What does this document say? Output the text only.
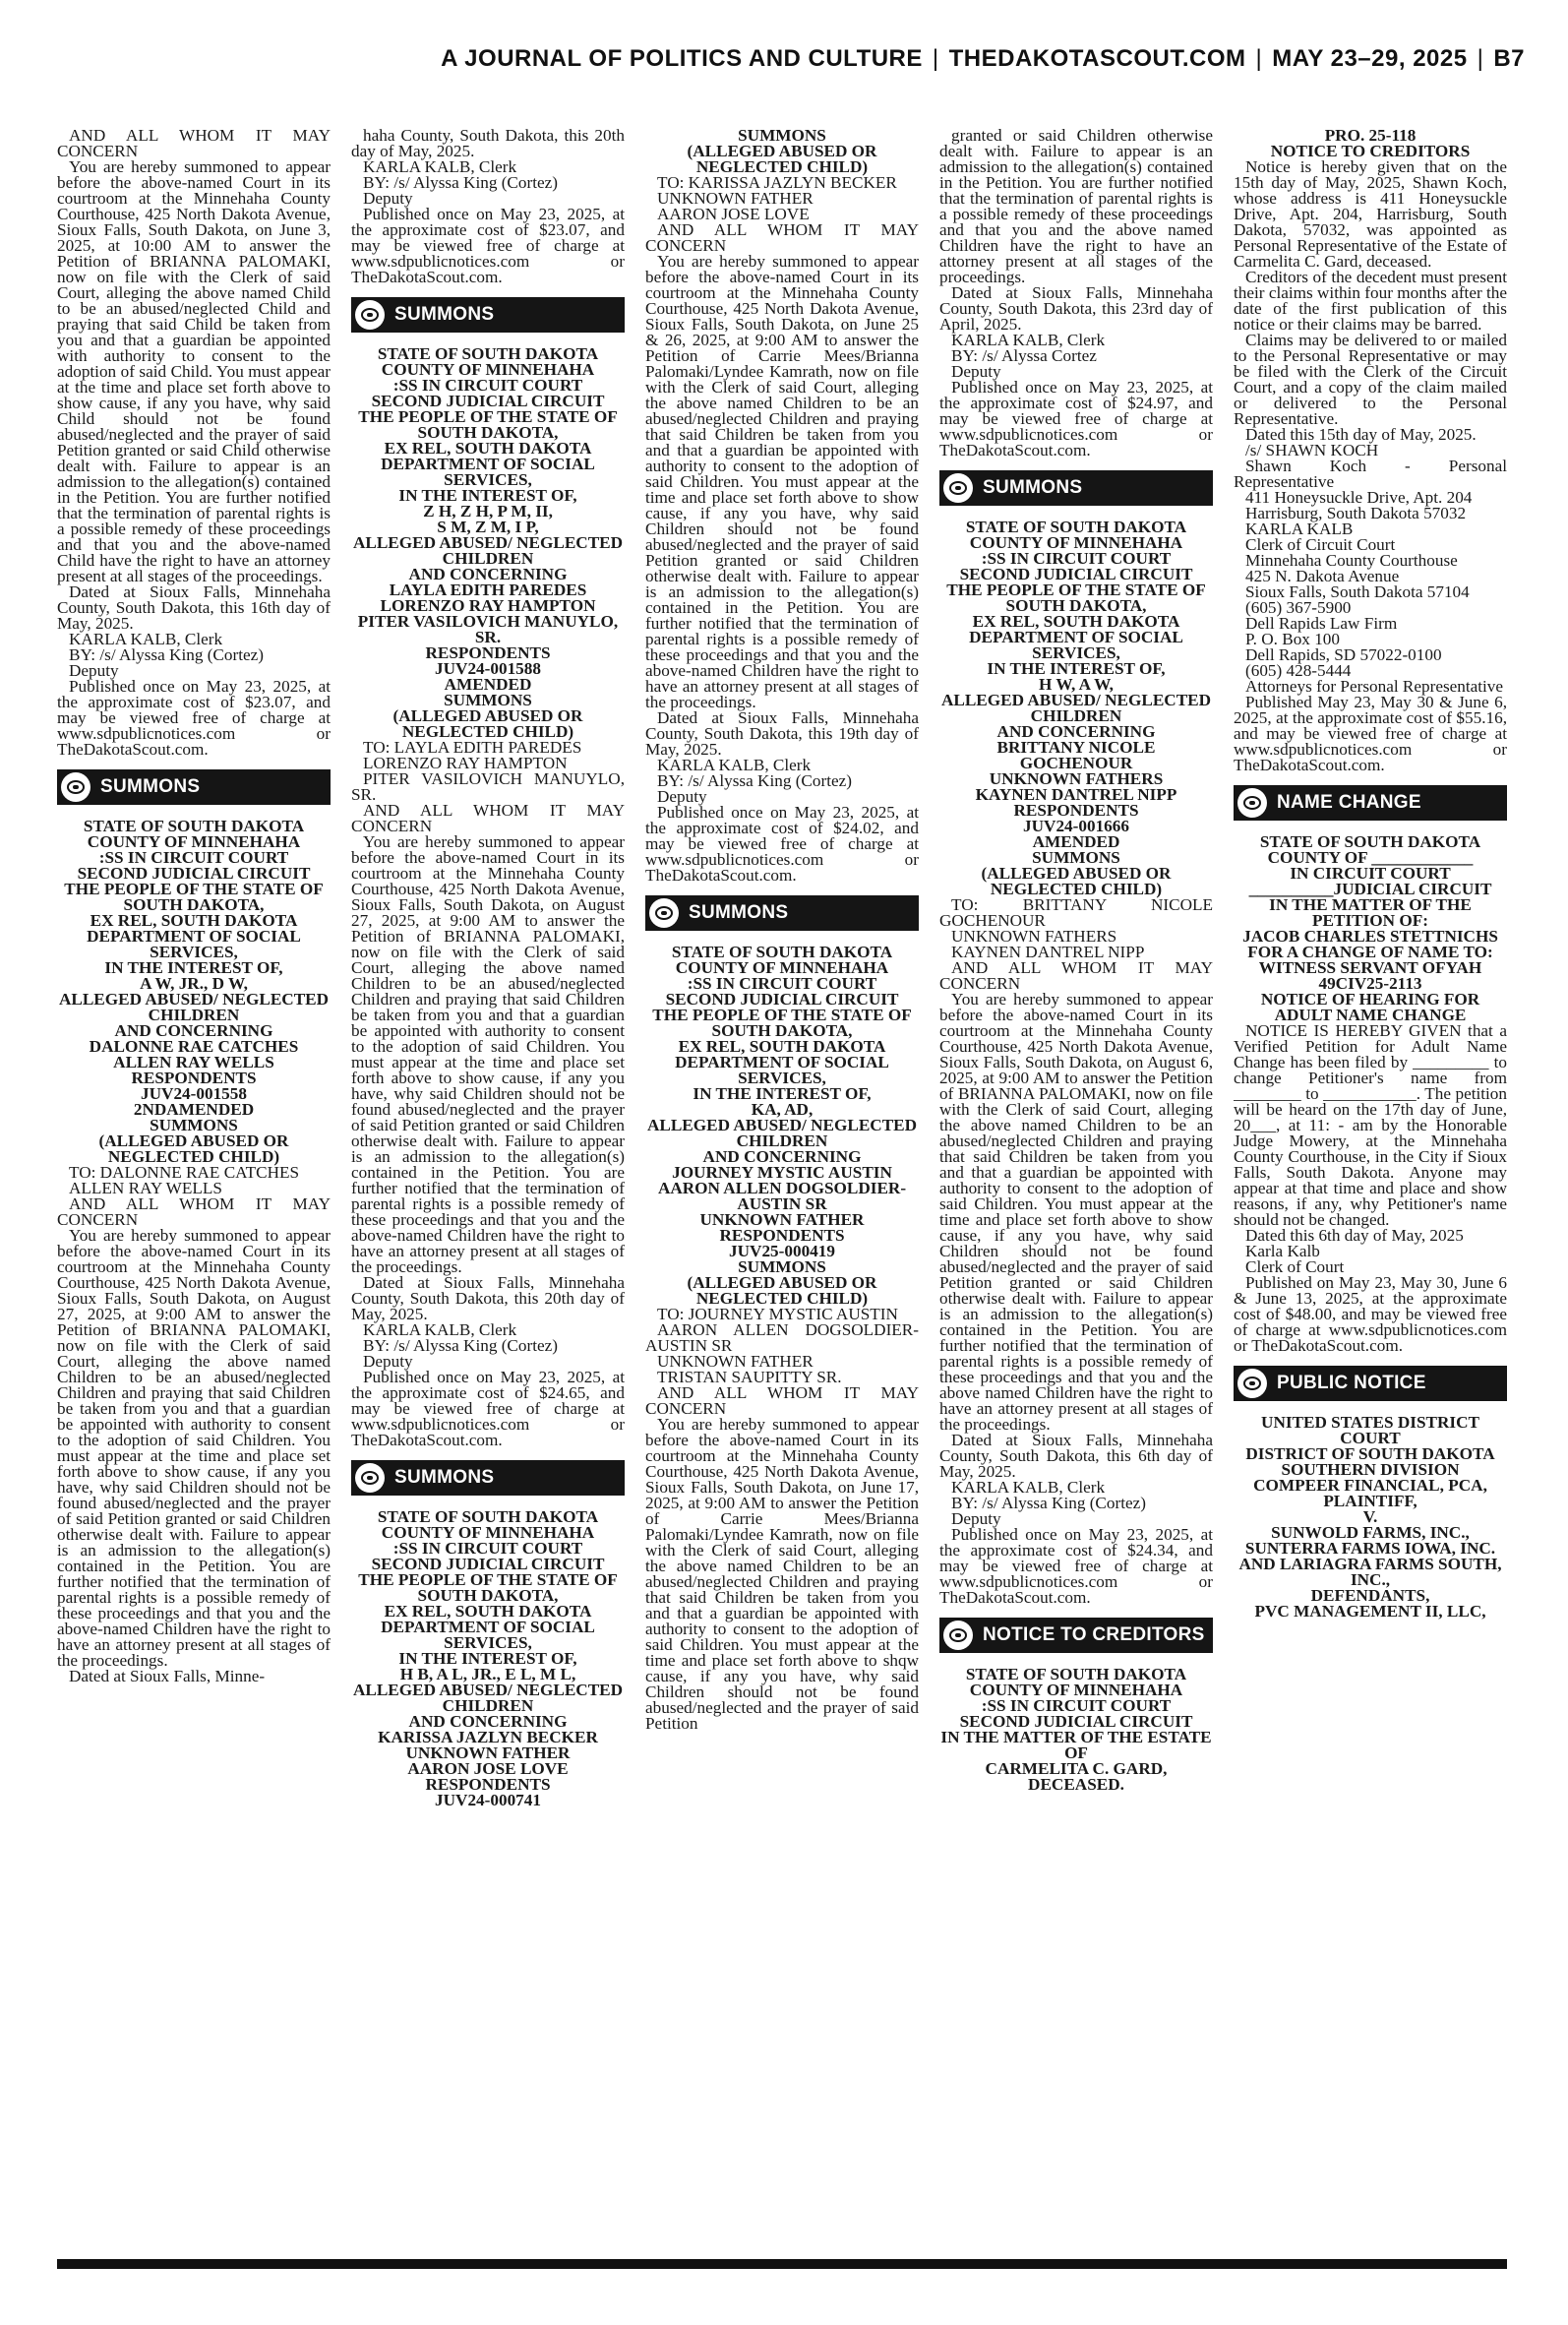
A JOURNAL OF POLITICS AND CULTURE | THEDAKOTASCOUT.COM | MAY 23–29, 2025 | B7

AND ALL WHOM IT MAY CONCERN

You are hereby summoned to appear before the above-named Court in its courtroom at the Minnehaha County Courthouse, 425 North Dakota Avenue, Sioux Falls, South Dakota, on June 3, 2025, at 10:00 AM to answer the Petition of BRIANNA PALOMAKI, now on file with the Clerk of said Court, alleging the above named Child to be an abused/neglected Child and praying that said Child be taken from you and that a guardian be appointed with authority to consent to the adoption of said Child. You must appear at the time and place set forth above to show cause, if any you have, why said Child should not be found abused/neglected and the prayer of said Petition granted or said Child otherwise dealt with. Failure to appear is an admission to the allegation(s) contained in the Petition. You are further notified that the termination of parental rights is a possible remedy of these proceedings and that you and the above-named Child have the right to have an attorney present at all stages of the proceedings.

Dated at Sioux Falls, Minnehaha County, South Dakota, this 16th day of May, 2025.

KARLA KALB, Clerk

BY: /s/ Alyssa King (Cortez)

Deputy

Published once on May 23, 2025, at the approximate cost of $23.07, and may be viewed free of charge at www.sdpublicnotices.com or TheDakotaScout.com.

SUMMONS

STATE OF SOUTH DAKOTA

COUNTY OF MINNEHAHA

:SS IN CIRCUIT COURT

SECOND JUDICIAL CIRCUIT

THE PEOPLE OF THE STATE OF SOUTH DAKOTA,

EX REL, SOUTH DAKOTA DEPARTMENT OF SOCIAL SERVICES,

IN THE INTEREST OF,

A W, JR., D W,

ALLEGED ABUSED/ NEGLECTED CHILDREN

AND CONCERNING

DALONNE RAE CATCHES

ALLEN RAY WELLS

RESPONDENTS

JUV24-001558

2NDAMENDED

SUMMONS

(ALLEGED ABUSED OR NEGLECTED CHILD)

TO: DALONNE RAE CATCHES

ALLEN RAY WELLS

AND ALL WHOM IT MAY CONCERN

You are hereby summoned to appear before the above-named Court in its courtroom at the Minnehaha County Courthouse, 425 North Dakota Avenue, Sioux Falls, South Dakota, on August 27, 2025, at 9:00 AM to answer the Petition of BRIANNA PALOMAKI, now on file with the Clerk of said Court, alleging the above named Children to be an abused/neglected Children and praying that said Children be taken from you and that a guardian be appointed with authority to consent to the adoption of said Children. You must appear at the time and place set forth above to show cause, if any you have, why said Children should not be found abused/neglected and the prayer of said Petition granted or said Children otherwise dealt with. Failure to appear is an admission to the allegation(s) contained in the Petition. You are further notified that the termination of parental rights is a possible remedy of these proceedings and that you and the above-named Children have the right to have an attorney present at all stages of the proceedings.

Dated at Sioux Falls, Minne-

haha County, South Dakota, this 20th day of May, 2025.

KARLA KALB, Clerk

BY: /s/ Alyssa King (Cortez)

Deputy

Published once on May 23, 2025, at the approximate cost of $23.07, and may be viewed free of charge at www.sdpublicnotices.com or TheDakotaScout.com.

SUMMONS

STATE OF SOUTH DAKOTA

COUNTY OF MINNEHAHA

:SS IN CIRCUIT COURT

SECOND JUDICIAL CIRCUIT

THE PEOPLE OF THE STATE OF SOUTH DAKOTA,

EX REL, SOUTH DAKOTA DEPARTMENT OF SOCIAL SERVICES,

IN THE INTEREST OF,

Z H, Z H, P M, II,

S M, Z M, I P,

ALLEGED ABUSED/ NEGLECTED CHILDREN

AND CONCERNING

LAYLA EDITH PAREDES

LORENZO RAY HAMPTON

PITER VASILOVICH MANUYLO, SR.

RESPONDENTS

JUV24-001588

AMENDED

SUMMONS

(ALLEGED ABUSED OR NEGLECTED CHILD)

TO: LAYLA EDITH PAREDES

LORENZO RAY HAMPTON

PITER VASILOVICH MANUYLO, SR.

AND ALL WHOM IT MAY CONCERN

You are hereby summoned to appear before the above-named Court in its courtroom at the Minnehaha County Courthouse, 425 North Dakota Avenue, Sioux Falls, South Dakota, on August 27, 2025, at 9:00 AM to answer the Petition of BRIANNA PALOMAKI, now on file with the Clerk of said Court, alleging the above named Children to be an abused/neglected Children and praying that said Children be taken from you and that a guardian be appointed with authority to consent to the adoption of said Children. You must appear at the time and place set forth above to show cause, if any you have, why said Children should not be found abused/neglected and the prayer of said Petition granted or said Children otherwise dealt with. Failure to appear is an admission to the allegation(s) contained in the Petition. You are further notified that the termination of parental rights is a possible remedy of these proceedings and that you and the above-named Children have the right to have an attorney present at all stages of the proceedings.

Dated at Sioux Falls, Minnehaha County, South Dakota, this 20th day of May, 2025.

KARLA KALB, Clerk

BY: /s/ Alyssa King (Cortez)

Deputy

Published once on May 23, 2025, at the approximate cost of $24.65, and may be viewed free of charge at www.sdpublicnotices.com or TheDakotaScout.com.

SUMMONS

STATE OF SOUTH DAKOTA

COUNTY OF MINNEHAHA

:SS IN CIRCUIT COURT

SECOND JUDICIAL CIRCUIT

THE PEOPLE OF THE STATE OF SOUTH DAKOTA,

EX REL, SOUTH DAKOTA DEPARTMENT OF SOCIAL SERVICES,

IN THE INTEREST OF,

H B, A L, JR., E L, M L,

ALLEGED ABUSED/ NEGLECTED CHILDREN

AND CONCERNING

KARISSA JAZLYN BECKER

UNKNOWN FATHER

AARON JOSE LOVE

RESPONDENTS

JUV24-000741

SUMMONS

(ALLEGED ABUSED OR NEGLECTED CHILD)

TO: KARISSA JAZLYN BECKER

UNKNOWN FATHER

AARON JOSE LOVE

AND ALL WHOM IT MAY CONCERN

You are hereby summoned to appear before the above-named Court in its courtroom at the Minnehaha County Courthouse, 425 North Dakota Avenue, Sioux Falls, South Dakota, on June 25 & 26, 2025, at 9:00 AM to answer the Petition of Carrie Mees/Brianna Palomaki/Lyndee Kamrath, now on file with the Clerk of said Court, alleging the above named Children to be an abused/neglected Children and praying that said Children be taken from you and that a guardian be appointed with authority to consent to the adoption of said Children. You must appear at the time and place set forth above to show cause, if any you have, why said Children should not be found abused/neglected and the prayer of said Petition granted or said Children otherwise dealt with. Failure to appear is an admission to the allegation(s) contained in the Petition. You are further notified that the termination of parental rights is a possible remedy of these proceedings and that you and the above-named Children have the right to have an attorney present at all stages of the proceedings.

Dated at Sioux Falls, Minnehaha County, South Dakota, this 19th day of May, 2025.

KARLA KALB, Clerk

BY: /s/ Alyssa King (Cortez)

Deputy

Published once on May 23, 2025, at the approximate cost of $24.02, and may be viewed free of charge at www.sdpublicnotices.com or TheDakotaScout.com.

SUMMONS

STATE OF SOUTH DAKOTA

COUNTY OF MINNEHAHA

:SS IN CIRCUIT COURT

SECOND JUDICIAL CIRCUIT

THE PEOPLE OF THE STATE OF SOUTH DAKOTA,

EX REL, SOUTH DAKOTA DEPARTMENT OF SOCIAL SERVICES,

IN THE INTEREST OF,

KA, AD,

ALLEGED ABUSED/ NEGLECTED CHILDREN

AND CONCERNING

JOURNEY MYSTIC AUSTIN

AARON ALLEN DOGSOLDIER-AUSTIN SR

UNKNOWN FATHER

RESPONDENTS

JUV25-000419

SUMMONS

(ALLEGED ABUSED OR NEGLECTED CHILD)

TO: JOURNEY MYSTIC AUSTIN

AARON ALLEN DOGSOLDIER-AUSTIN SR

UNKNOWN FATHER

TRISTAN SAUPITTY SR.

AND ALL WHOM IT MAY CONCERN

You are hereby summoned to appear before the above-named Court in its courtroom at the Minnehaha County Courthouse, 425 North Dakota Avenue, Sioux Falls, South Dakota, on June 17, 2025, at 9:00 AM to answer the Petition of Carrie Mees/Brianna Palomaki/Lyndee Kamrath, now on file with the Clerk of said Court, alleging the above named Children to be an abused/neglected Children and praying that said Children be taken from you and that a guardian be appointed with authority to consent to the adoption of said Children. You must appear at the time and place set forth above to shqw cause, if any you have, why said Children should not be found abused/neglected and the prayer of said Petition

granted or said Children otherwise dealt with. Failure to appear is an admission to the allegation(s) contained in the Petition. You are further notified that the termination of parental rights is a possible remedy of these proceedings and that you and the above named Children have the right to have an attorney present at all stages of the proceedings.

Dated at Sioux Falls, Minnehaha County, South Dakota, this 23rd day of April, 2025.

KARLA KALB, Clerk

BY: /s/ Alyssa Cortez

Deputy

Published once on May 23, 2025, at the approximate cost of $24.97, and may be viewed free of charge at www.sdpublicnotices.com or TheDakotaScout.com.

SUMMONS

STATE OF SOUTH DAKOTA

COUNTY OF MINNEHAHA

:SS IN CIRCUIT COURT

SECOND JUDICIAL CIRCUIT

THE PEOPLE OF THE STATE OF SOUTH DAKOTA,

EX REL, SOUTH DAKOTA DEPARTMENT OF SOCIAL SERVICES,

IN THE INTEREST OF,

H W, A W,

ALLEGED ABUSED/ NEGLECTED CHILDREN

AND CONCERNING

BRITTANY NICOLE GOCHENOUR

UNKNOWN FATHERS

KAYNEN DANTREL NIPP

RESPONDENTS

JUV24-001666

AMENDED

SUMMONS

(ALLEGED ABUSED OR NEGLECTED CHILD)

TO: BRITTANY NICOLE GOCHENOUR

UNKNOWN FATHERS

KAYNEN DANTREL NIPP

AND ALL WHOM IT MAY CONCERN

You are hereby summoned to appear before the above-named Court in its courtroom at the Minnehaha County Courthouse, 425 North Dakota Avenue, Sioux Falls, South Dakota, on August 6, 2025, at 9:00 AM to answer the Petition of BRIANNA PALOMAKI, now on file with the Clerk of said Court, alleging the above named Children to be an abused/neglected Children and praying that said Children be taken from you and that a guardian be appointed with authority to consent to the adoption of said Children. You must appear at the time and place set forth above to show cause, if any you have, why said Children should not be found abused/neglected and the prayer of said Petition granted or said Children otherwise dealt with. Failure to appear is an admission to the allegation(s) contained in the Petition. You are further notified that the termination of parental rights is a possible remedy of these proceedings and that you and the above named Children have the right to have an attorney present at all stages of the proceedings.

Dated at Sioux Falls, Minnehaha County, South Dakota, this 6th day of May, 2025.

KARLA KALB, Clerk

BY: /s/ Alyssa King (Cortez)

Deputy

Published once on May 23, 2025, at the approximate cost of $24.34, and may be viewed free of charge at www.sdpublicnotices.com or TheDakotaScout.com.

NOTICE TO CREDITORS

STATE OF SOUTH DAKOTA

COUNTY OF MINNEHAHA

:SS IN CIRCUIT COURT

SECOND JUDICIAL CIRCUIT

IN THE MATTER OF THE ESTATE OF

CARMELITA C. GARD,

DECEASED.

PRO. 25-118

NOTICE TO CREDITORS

Notice is hereby given that on the 15th day of May, 2025, Shawn Koch, whose address is 411 Honeysuckle Drive, Apt. 204, Harrisburg, South Dakota, 57032, was appointed as Personal Representative of the Estate of Carmelita C. Gard, deceased.

Creditors of the decedent must present their claims within four months after the date of the first publication of this notice or their claims may be barred.

Claims may be delivered to or mailed to the Personal Representative or may be filed with the Clerk of the Circuit Court, and a copy of the claim mailed or delivered to the Personal Representative.

Dated this 15th day of May, 2025.

/s/ SHAWN KOCH

Shawn Koch - Personal Representative

411 Honeysuckle Drive, Apt. 204

Harrisburg, South Dakota 57032

KARLA KALB

Clerk of Circuit Court

Minnehaha County Courthouse

425 N. Dakota Avenue

Sioux Falls, South Dakota 57104

(605) 367-5900

Dell Rapids Law Firm

P. O. Box 100

Dell Rapids, SD 57022-0100

(605) 428-5444

Attorneys for Personal Representative

Published May 23, May 30 & June 6, 2025, at the approximate cost of $55.16, and may be viewed free of charge at www.sdpublicnotices.com or TheDakotaScout.com.

NAME CHANGE

STATE OF SOUTH DAKOTA

COUNTY OF ____________

IN CIRCUIT COURT

__________JUDICIAL CIRCUIT

IN THE MATTER OF THE PETITION OF:

JACOB CHARLES STETTNICHS

FOR A CHANGE OF NAME TO:

WITNESS SERVANT OFYAH

49CIV25-2113

NOTICE OF HEARING FOR ADULT NAME CHANGE

NOTICE IS HEREBY GIVEN that a Verified Petition for Adult Name Change has been filed by _________ to change Petitioner's name from ________ to ___________. The petition will be heard on the 17th day of June, 20___, at 11: - am by the Honorable Judge Mowery, at the Minnehaha County Courthouse, in the City if Sioux Falls, South Dakota. Anyone may appear at that time and place and show reasons, if any, why Petitioner's name should not be changed.

Dated this 6th day of May, 2025

Karla Kalb

Clerk of Court

Published on May 23, May 30, June 6 & June 13, 2025, at the approximate cost of $48.00, and may be viewed free of charge at www.sdpublicnotices.com or TheDakotaScout.com.

PUBLIC NOTICE

UNITED STATES DISTRICT COURT

DISTRICT OF SOUTH DAKOTA

SOUTHERN DIVISION

COMPEER FINANCIAL, PCA,

PLAINTIFF,

V.

SUNWOLD FARMS, INC., SUNTERRA FARMS IOWA, INC. AND LARIAGRA FARMS SOUTH, INC.,

DEFENDANTS,

PVC MANAGEMENT II, LLC,
